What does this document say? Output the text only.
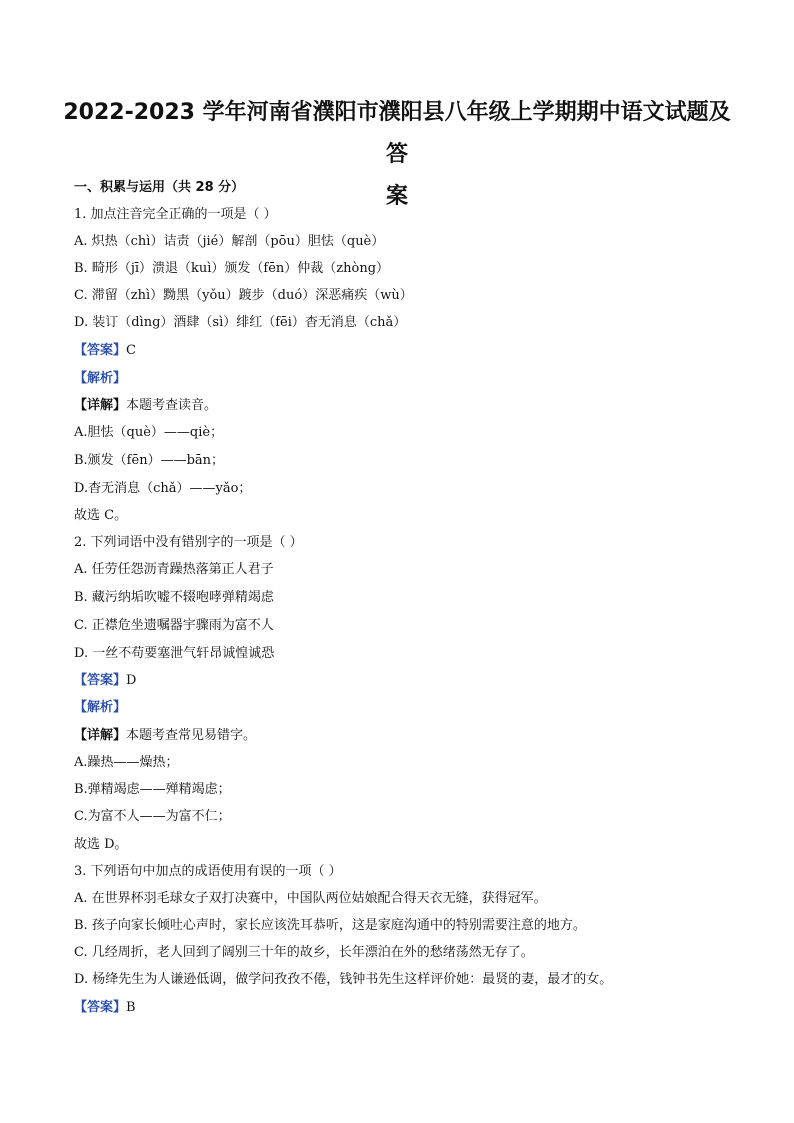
2022-2023 学年河南省濮阳市濮阳县八年级上学期期中语文试题及答
案
一、积累与运用（共 28 分）
1. 加点注音完全正确的一项是（ ）
A. 炽热（chì）诘责（jié）解剖（pōu）胆怯（què）
B. 畸形（jī）溃退（kuì）颁发（fēn）仲裁（zhòng）
C. 滞留（zhì）黝黑（yǒu）踱步（duó）深恶痛疾（wù）
D. 装订（dìng）酒肆（sì）绯红（fēi）杳无消息（chǎ）
【答案】C
【解析】
【详解】本题考查读音。
A.胆怯（què）——qiè；
B.颁发（fēn）——bān；
D.杳无消息（chǎ）——yǎo；
故选 C。
2. 下列词语中没有错别字的一项是（ ）
A. 任劳任怨沥青躁热落第正人君子
B. 藏污纳垢吹嘘不辍咆哮弹精竭虑
C. 正襟危坐遗嘱器宇骤雨为富不人
D. 一丝不苟要塞泄气轩昂诚惶诚恐
【答案】D
【解析】
【详解】本题考查常见易错字。
A.躁热——燥热；
B.弹精竭虑——殚精竭虑；
C.为富不人——为富不仁；
故选 D。
3. 下列语句中加点的成语使用有误的一项（ ）
A. 在世界杯羽毛球女子双打决赛中，中国队两位姑娘配合得天衣无缝，获得冠军。
B. 孩子向家长倾吐心声时，家长应该洗耳恭听，这是家庭沟通中的特别需要注意的地方。
C. 几经周折，老人回到了阔别三十年的故乡，长年漂泊在外的愁绪荡然无存了。
D. 杨绛先生为人谦逊低调，做学问孜孜不倦，钱钟书先生这样评价她：最贤的妻，最才的女。
【答案】B
